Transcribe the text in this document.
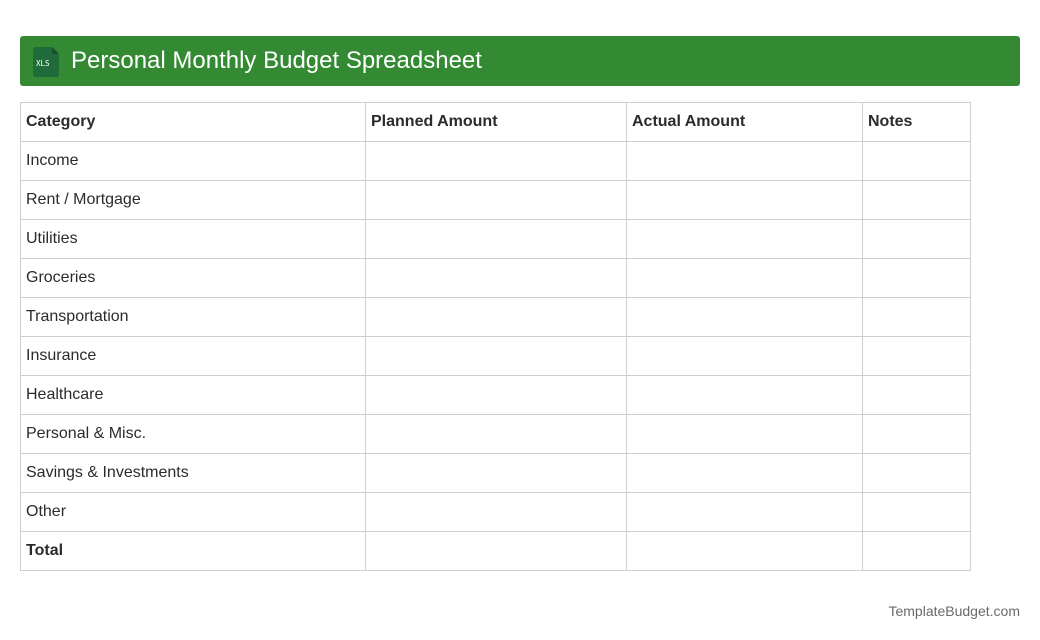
XLS Personal Monthly Budget Spreadsheet
Category	Planned Amount	Actual Amount	Notes
Income			
Rent / Mortgage			
Utilities			
Groceries			
Transportation			
Insurance			
Healthcare			
Personal & Misc.			
Savings & Investments			
Other			
Total			
TemplateBudget.com
